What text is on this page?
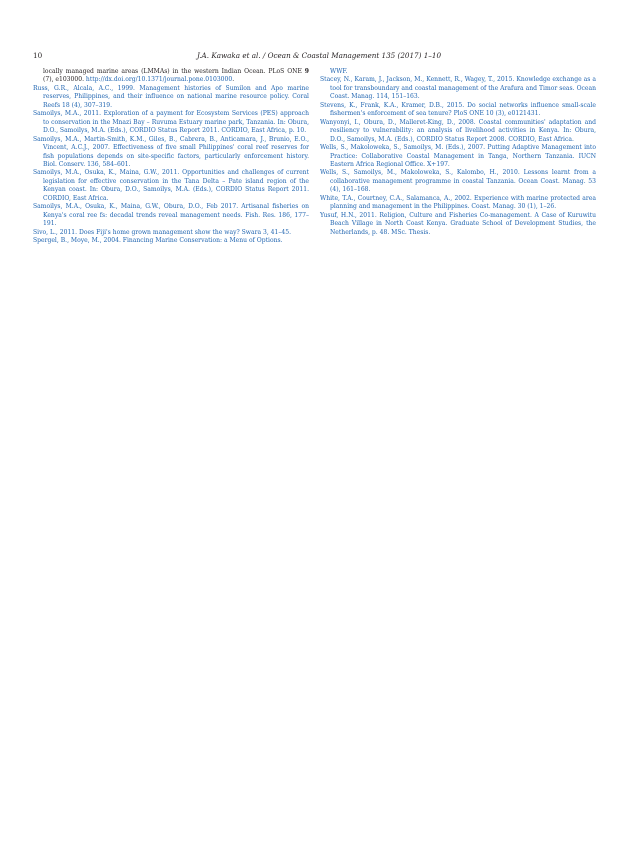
10	J.A. Kawaka et al. / Ocean & Coastal Management 135 (2017) 1–10

locally managed marine areas (LMMAs) in the western Indian Ocean. PLoS ONE 9 (7), e103000. http://dx.doi.org/10.1371/journal.pone.0103000.

Russ, G.R., Alcala, A.C., 1999. Management histories of Sumilon and Apo marine reserves, Philippines, and their influence on national marine resource policy. Coral Reefs 18 (4), 307–319.

Samoilys, M.A., 2011. Exploration of a payment for Ecosystem Services (PES) approach to conservation in the Mnazi Bay – Ruvuma Estuary marine park, Tanzania. In: Obura, D.O., Samoilys, M.A. (Eds.), CORDIO Status Report 2011. CORDIO, East Africa, p. 10.

Samoilys, M.A., Martin-Smith, K.M., Giles, B., Cabrera, B., Anticamara, J., Brunio, E.O., Vincent, A.C.J., 2007. Effectiveness of five small Philippines' coral reef reserves for fish populations depends on site-specific factors, particularly enforcement history. Biol. Conserv. 136, 584–601.

Samoilys, M.A., Osuka, K., Maina, G.W., 2011. Opportunities and challenges of current legislation for effective conservation in the Tana Delta – Pate island region of the Kenyan coast. In: Obura, D.O., Samoilys, M.A. (Eds.), CORDIO Status Report 2011. CORDIO, East Africa.

Samoilys, M.A., Osuka, K., Maina, G.W., Obura, D.O., Feb 2017. Artisanal fisheries on Kenya's coral ree fs: decadal trends reveal management needs. Fish. Res. 186, 177–191.

Sivo, L., 2011. Does Fiji's home grown management show the way? Swara 3, 41–45.

Spergel, B., Moye, M., 2004. Financing Marine Conservation: a Menu of Options.

WWF.

Stacey, N., Karam, J., Jackson, M., Kennett, R., Wagey, T., 2015. Knowledge exchange as a tool for transboundary and coastal management of the Arafura and Timor seas. Ocean Coast. Manag. 114, 151–163.

Stevens, K., Frank, K.A., Kramer, D.B., 2015. Do social networks influence small-scale fishermen's enforcement of sea tenure? PloS ONE 10 (3), e0121431.

Wanyonyi, I., Obura, D., Malleret-King, D., 2008. Coastal communities' adaptation and resiliency to vulnerability: an analysis of livelihood activities in Kenya. In: Obura, D.O., Samoilys, M.A. (Eds.), CORDIO Status Report 2008. CORDIO, East Africa.

Wells, S., Makoloweka, S., Samoilys, M. (Eds.), 2007. Putting Adaptive Management into Practice: Collaborative Coastal Management in Tanga, Northern Tanzania. IUCN Eastern Africa Regional Office. X+197.

Wells, S., Samoilys, M., Makoloweka, S., Kalombo, H., 2010. Lessons learnt from a collaborative management programme in coastal Tanzania. Ocean Coast. Manag. 53 (4), 161–168.

White, T.A., Courtney, C.A., Salamanca, A., 2002. Experience with marine protected area planning and management in the Philippines. Coast. Manag. 30 (1), 1–26.

Yusuf, H.N., 2011. Religion, Culture and Fisheries Co-management. A Case of Kuruwitu Beach Village in North Coast Kenya. Graduate School of Development Studies, the Netherlands, p. 48. MSc. Thesis.
